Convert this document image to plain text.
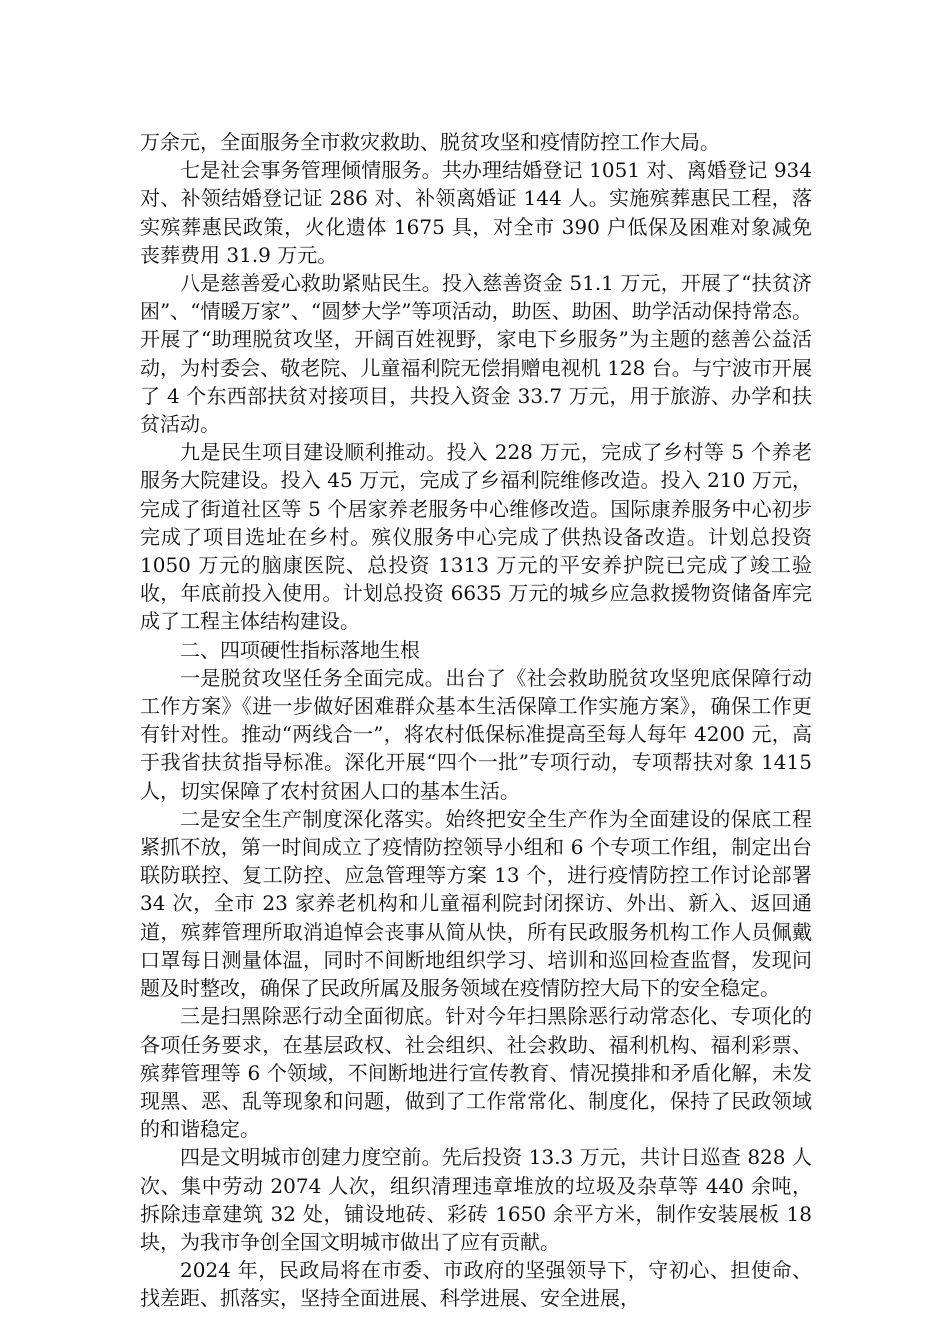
万余元，全面服务全市救灾救助、脱贫攻坚和疫情防控工作大局。

七是社会事务管理倾情服务。共办理结婚登记 1051 对、离婚登记 934 对、补领结婚登记证 286 对、补领离婚证 144 人。实施殡葬惠民工程，落实殡葬惠民政策，火化遗体 1675 具，对全市 390 户低保及困难对象减免丧葬费用 31.9 万元。

八是慈善爱心救助紧贴民生。投入慈善资金 51.1 万元，开展了“扶贫济困”、“情暖万家”、“圆梦大学”等项活动，助医、助困、助学活动保持常态。开展了“助理脱贫攻坚，开阔百姓视野，家电下乡服务”为主题的慈善公益活动，为村委会、敬老院、儿童福利院无偿捐赠电视机 128 台。与宁波市开展了 4 个东西部扶贫对接项目，共投入资金 33.7 万元，用于旅游、办学和扶贫活动。

九是民生项目建设顺利推动。投入 228 万元，完成了乡村等 5 个养老服务大院建设。投入 45 万元，完成了乡福利院维修改造。投入 210 万元，完成了街道社区等 5 个居家养老服务中心维修改造。国际康养服务中心初步完成了项目选址在乡村。殡仪服务中心完成了供热设备改造。计划总投资 1050 万元的脑康医院、总投资 1313 万元的平安养护院已完成了竣工验收，年底前投入使用。计划总投资 6635 万元的城乡应急救援物资储备库完成了工程主体结构建设。

二、四项硬性指标落地生根

一是脱贫攻坚任务全面完成。出台了《社会救助脱贫攻坚兜底保障行动工作方案》《进一步做好困难群众基本生活保障工作实施方案》，确保工作更有针对性。推动“两线合一”，将农村低保标准提高至每人每年 4200 元，高于我省扶贫指导标准。深化开展“四个一批”专项行动，专项帮扶对象 1415 人，切实保障了农村贫困人口的基本生活。

二是安全生产制度深化落实。始终把安全生产作为全面建设的保底工程紧抓不放，第一时间成立了疫情防控领导小组和 6 个专项工作组，制定出台联防联控、复工防控、应急管理等方案 13 个，进行疫情防控工作讨论部署 34 次，全市 23 家养老机构和儿童福利院封闭探访、外出、新入、返回通道，殡葬管理所取消追悼会丧事从简从快，所有民政服务机构工作人员佩戴口罩每日测量体温，同时不间断地组织学习、培训和巡回检查监督，发现问题及时整改，确保了民政所属及服务领域在疫情防控大局下的安全稳定。

三是扫黑除恶行动全面彻底。针对今年扫黑除恶行动常态化、专项化的各项任务要求，在基层政权、社会组织、社会救助、福利机构、福利彩票、殡葬管理等 6 个领域，不间断地进行宣传教育、情况摸排和矛盾化解，未发现黑、恶、乱等现象和问题，做到了工作常常化、制度化，保持了民政领域的和谐稳定。

四是文明城市创建力度空前。先后投资 13.3 万元，共计日巡查 828 人次、集中劳动 2074 人次，组织清理违章堆放的垃圾及杂草等 440 余吨，拆除违章建筑 32 处，铺设地砖、彩砖 1650 余平方米，制作安装展板 18 块，为我市争创全国文明城市做出了应有贡献。

2024 年，民政局将在市委、市政府的坚强领导下，守初心、担使命、找差距、抓落实，坚持全面进展、科学进展、安全进展，
